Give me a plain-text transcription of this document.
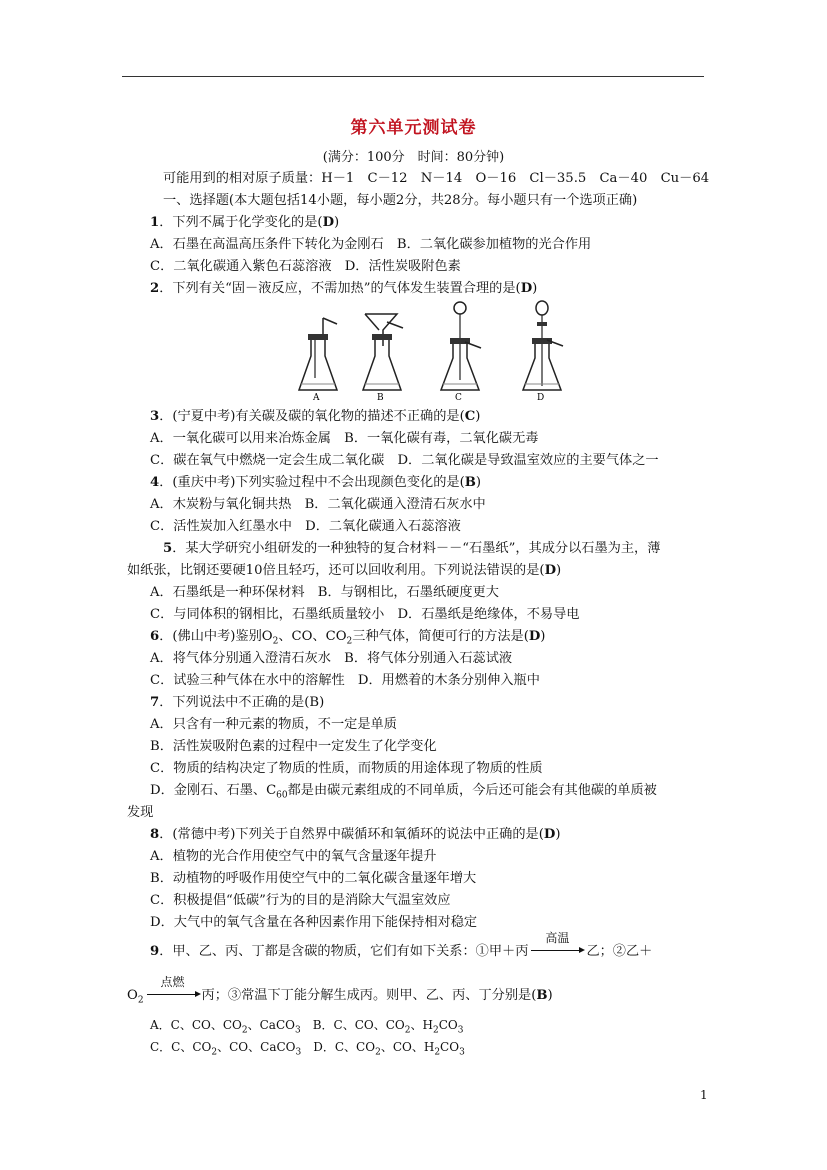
第六单元测试卷
(满分：100分　时间：80分钟)
可能用到的相对原子质量：H－1　C－12　N－14　O－16　Cl－35.5　Ca－40　Cu－64
一、选择题(本大题包括14小题，每小题2分，共28分。每小题只有一个选项正确)
1．下列不属于化学变化的是(D)
A．石墨在高温高压条件下转化为金刚石　B．二氧化碳参加植物的光合作用
C．二氧化碳通入紫色石蕊溶液　D．活性炭吸附色素
2．下列有关“固－液反应，不需加热”的气体发生装置合理的是(D)
A	B	C	D
3．(宁夏中考)有关碳及碳的氧化物的描述不正确的是(C)
A．一氧化碳可以用来冶炼金属　B．一氧化碳有毒，二氧化碳无毒
C．碳在氧气中燃烧一定会生成二氧化碳　D．二氧化碳是导致温室效应的主要气体之一
4．(重庆中考)下列实验过程中不会出现颜色变化的是(B)
A．木炭粉与氧化铜共热　B．二氧化碳通入澄清石灰水中
C．活性炭加入红墨水中　D．二氧化碳通入石蕊溶液
5．某大学研究小组研发的一种独特的复合材料－－“石墨纸”，其成分以石墨为主，薄
如纸张，比钢还要硬10倍且轻巧，还可以回收利用。下列说法错误的是(D)
A．石墨纸是一种环保材料　B．与钢相比，石墨纸硬度更大
C．与同体积的钢相比，石墨纸质量较小　D．石墨纸是绝缘体，不易导电
6．(佛山中考)鉴别$O_2$、CO、$CO_2$三种气体，简便可行的方法是(D)
A．将气体分别通入澄清石灰水　B．将气体分别通入石蕊试液
C．试验三种气体在水中的溶解性　D．用燃着的木条分别伸入瓶中
7．下列说法中不正确的是(B)
A．只含有一种元素的物质，不一定是单质
B．活性炭吸附色素的过程中一定发生了化学变化
C．物质的结构决定了物质的性质，而物质的用途体现了物质的性质
D．金刚石、石墨、$C_{60}$都是由碳元素组成的不同单质，今后还可能会有其他碳的单质被
发现
8．(常德中考)下列关于自然界中碳循环和氧循环的说法中正确的是(D)
A．植物的光合作用使空气中的氧气含量逐年提升
B．动植物的呼吸作用使空气中的二氧化碳含量逐年增大
C．积极提倡“低碳”行为的目的是消除大气温室效应
D．大气中的氧气含量在各种因素作用下能保持相对稳定
9．甲、乙、丙、丁都是含碳的物质，它们有如下关系：①甲＋丙
高温
乙；②乙＋
$O_2$
点燃
丙；③常温下丁能分解生成丙。则甲、乙、丙、丁分别是(B)
A．C、CO、$CO_2$、CaCO$_3$　B．C、CO、$CO_2$、$H_2CO_3$
C．C、$CO_2$、CO、CaCO$_3$　D．C、$CO_2$、CO、$H_2CO_3$
1
